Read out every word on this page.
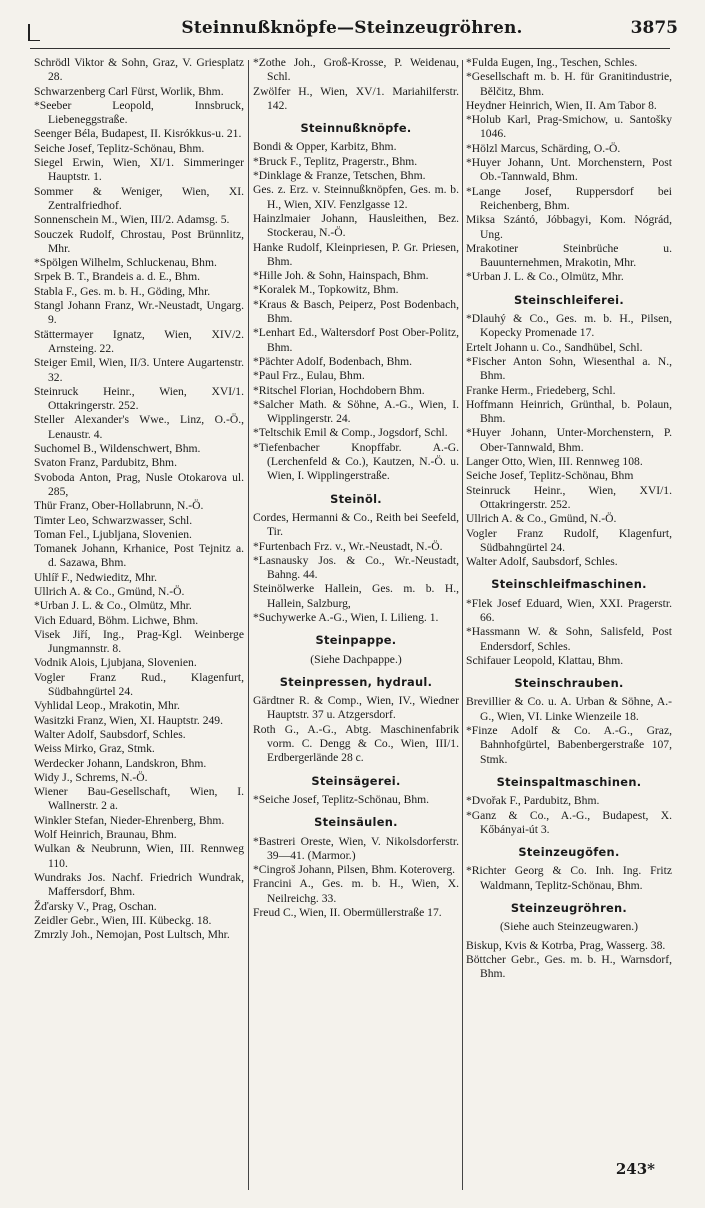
Steinnußknöpfe—Steinzeugröhren.	3875
Schrödl Viktor & Sohn, Graz, V. Griesplatz 28.
Schwarzenberg Carl Fürst, Worlik, Bhm.
*Seeber Leopold, Innsbruck, Liebeneggstraße.
Seenger Béla, Budapest, II. Kisrókkus-u. 21.
Seiche Josef, Teplitz-Schönau, Bhm.
Siegel Erwin, Wien, XI/1. Simmeringer Hauptstr. 1.
Sommer & Weniger, Wien, XI. Zentralfriedhof.
Sonnenschein M., Wien, III/2. Adamsg. 5.
Souczek Rudolf, Chrostau, Post Brünnlitz, Mhr.
*Spölgen Wilhelm, Schluckenau, Bhm.
Srpek B. T., Brandeis a. d. E., Bhm.
Stabla F., Ges. m. b. H., Göding, Mhr.
Stangl Johann Franz, Wr.-Neustadt, Ungarg. 9.
Stättermayer Ignatz, Wien, XIV/2. Arnsteing. 22.
Steiger Emil, Wien, II/3. Untere Augartenstr. 32.
Steinruck Heinr., Wien, XVI/1. Ottakringerstr. 252.
Steller Alexander's Wwe., Linz, O.-Ö., Lenaustr. 4.
Suchomel B., Wildenschwert, Bhm.
Svaton Franz, Pardubitz, Bhm.
Svoboda Anton, Prag, Nusle Otokarova ul. 285,
Thür Franz, Ober-Hollabrunn, N.-Ö.
Timter Leo, Schwarzwasser, Schl.
Toman Fel., Ljubljana, Slovenien.
Tomanek Johann, Krhanice, Post Tejnitz a. d. Sazawa, Bhm.
Uhlíř F., Nedwieditz, Mhr.
Ullrich A. & Co., Gmünd, N.-Ö.
*Urban J. L. & Co., Olmütz, Mhr.
Vich Eduard, Böhm. Lichwe, Bhm.
Visek Jiří, Ing., Prag-Kgl. Weinberge Jungmannstr. 8.
Vodnik Alois, Ljubjana, Slovenien.
Vogler Franz Rud., Klagenfurt, Südbahngürtel 24.
Vyhlidal Leop., Mrakotin, Mhr.
Wasitzki Franz, Wien, XI. Hauptstr. 249.
Walter Adolf, Saubsdorf, Schles.
Weiss Mirko, Graz, Stmk.
Werdecker Johann, Landskron, Bhm.
Widy J., Schrems, N.-Ö.
Wiener Bau-Gesellschaft, Wien, I. Wallnerstr. 2 a.
Winkler Stefan, Nieder-Ehrenberg, Bhm.
Wolf Heinrich, Braunau, Bhm.
Wulkan & Neubrunn, Wien, III. Rennweg 110.
Wundraks Jos. Nachf. Friedrich Wundrak, Maffersdorf, Bhm.
Žďarsky V., Prag, Oschan.
Zeidler Gebr., Wien, III. Kübeckg. 18.
Zmrzly Joh., Nemojan, Post Lultsch, Mhr.
*Zothe Joh., Groß-Krosse, P. Weidenau, Schl.
Zwölfer H., Wien, XV/1. Mariahilferstr. 142.
Steinnußknöpfe.
Bondi & Opper, Karbitz, Bhm.
*Bruck F., Teplitz, Pragerstr., Bhm.
*Dinklage & Franze, Tetschen, Bhm.
Ges. z. Erz. v. Steinnußknöpfen, Ges. m. b. H., Wien, XIV. Fenzlgasse 12.
Hainzlmaier Johann, Hausleithen, Bez. Stockerau, N.-Ö.
Hanke Rudolf, Kleinpriesen, P. Gr. Priesen, Bhm.
*Hille Joh. & Sohn, Hainspach, Bhm.
*Koralek M., Topkowitz, Bhm.
*Kraus & Basch, Peiperz, Post Bodenbach, Bhm.
*Lenhart Ed., Waltersdorf Post Ober-Politz, Bhm.
*Pächter Adolf, Bodenbach, Bhm.
*Paul Frz., Eulau, Bhm.
*Ritschel Florian, Hochdobern Bhm.
*Salcher Math. & Söhne, A.-G., Wien, I. Wipplingerstr. 24.
*Teltschik Emil & Comp., Jogsdorf, Schl.
*Tiefenbacher Knopffabr. A.-G. (Lerchenfeld & Co.), Kautzen, N.-Ö. u. Wien, I. Wipplingerstraße.
Steinöl.
Cordes, Hermanni & Co., Reith bei Seefeld, Tir.
*Furtenbach Frz. v., Wr.-Neustadt, N.-Ö.
*Lasnausky Jos. & Co., Wr.-Neustadt, Bahng. 44.
Steinölwerke Hallein, Ges. m. b. H., Hallein, Salzburg,
*Suchywerke A.-G., Wien, I. Lilieng. 1.
Steinpappe.
(Siehe Dachpappe.)
Steinpressen, hydraul.
Gärdtner R. & Comp., Wien, IV., Wiedner Hauptstr. 37 u. Atzgersdorf.
Roth G., A.-G., Abtg. Maschinenfabrik vorm. C. Dengg & Co., Wien, III/1. Erdbergerlände 28 c.
Steinsägerei.
*Seiche Josef, Teplitz-Schönau, Bhm.
Steinsäulen.
*Bastreri Oreste, Wien, V. Nikolsdorferstr. 39—41. (Marmor.)
*Cingroš Johann, Pilsen, Bhm. Koteroverg.
Francini A., Ges. m. b. H., Wien, X. Neilreichg. 33.
Freud C., Wien, II. Obermüllerstraße 17.
*Fulda Eugen, Ing., Teschen, Schles.
*Gesellschaft m. b. H. für Granitindustrie, Bělčitz, Bhm.
Heydner Heinrich, Wien, II. Am Tabor 8.
*Holub Karl, Prag-Smichow, u. Santošky 1046.
*Hölzl Marcus, Schärding, O.-Ö.
*Huyer Johann, Unt. Morchenstern, Post Ob.-Tannwald, Bhm.
*Lange Josef, Ruppersdorf bei Reichenberg, Bhm.
Miksa Szántó, Jóbbagyi, Kom. Nógrád, Ung.
Mrakotiner Steinbrüche u. Bauunternehmen, Mrakotin, Mhr.
*Urban J. L. & Co., Olmütz, Mhr.
Steinschleiferei.
*Dlauhý & Co., Ges. m. b. H., Pilsen, Kopecky Promenade 17.
Ertelt Johann u. Co., Sandhübel, Schl.
*Fischer Anton Sohn, Wiesenthal a. N., Bhm.
Franke Herm., Friedeberg, Schl.
Hoffmann Heinrich, Grünthal, b. Polaun, Bhm.
*Huyer Johann, Unter-Morchenstern, P. Ober-Tannwald, Bhm.
Langer Otto, Wien, III. Rennweg 108.
Seiche Josef, Teplitz-Schönau, Bhm
Steinruck Heinr., Wien, XVI/1. Ottakringerstr. 252.
Ullrich A. & Co., Gmünd, N.-Ö.
Vogler Franz Rudolf, Klagenfurt, Südbahngürtel 24.
Walter Adolf, Saubsdorf, Schles.
Steinschleifmaschinen.
*Flek Josef Eduard, Wien, XXI. Pragerstr. 66.
*Hassmann W. & Sohn, Salisfeld, Post Endersdorf, Schles.
Schifauer Leopold, Klattau, Bhm.
Steinschrauben.
Brevillier & Co. u. A. Urban & Söhne, A.-G., Wien, VI. Linke Wienzeile 18.
*Finze Adolf & Co. A.-G., Graz, Bahnhofgürtel, Babenbergerstraße 107, Stmk.
Steinspaltmaschinen.
*Dvořak F., Pardubitz, Bhm.
*Ganz & Co., A.-G., Budapest, X. Kőbányai-út 3.
Steinzeugöfen.
*Richter Georg & Co. Inh. Ing. Fritz Waldmann, Teplitz-Schönau, Bhm.
Steinzeugröhren.
(Siehe auch Steinzeugwaren.)
Biskup, Kvis & Kotrba, Prag, Wasserg. 38.
Böttcher Gebr., Ges. m. b. H., Warnsdorf, Bhm.
243*
